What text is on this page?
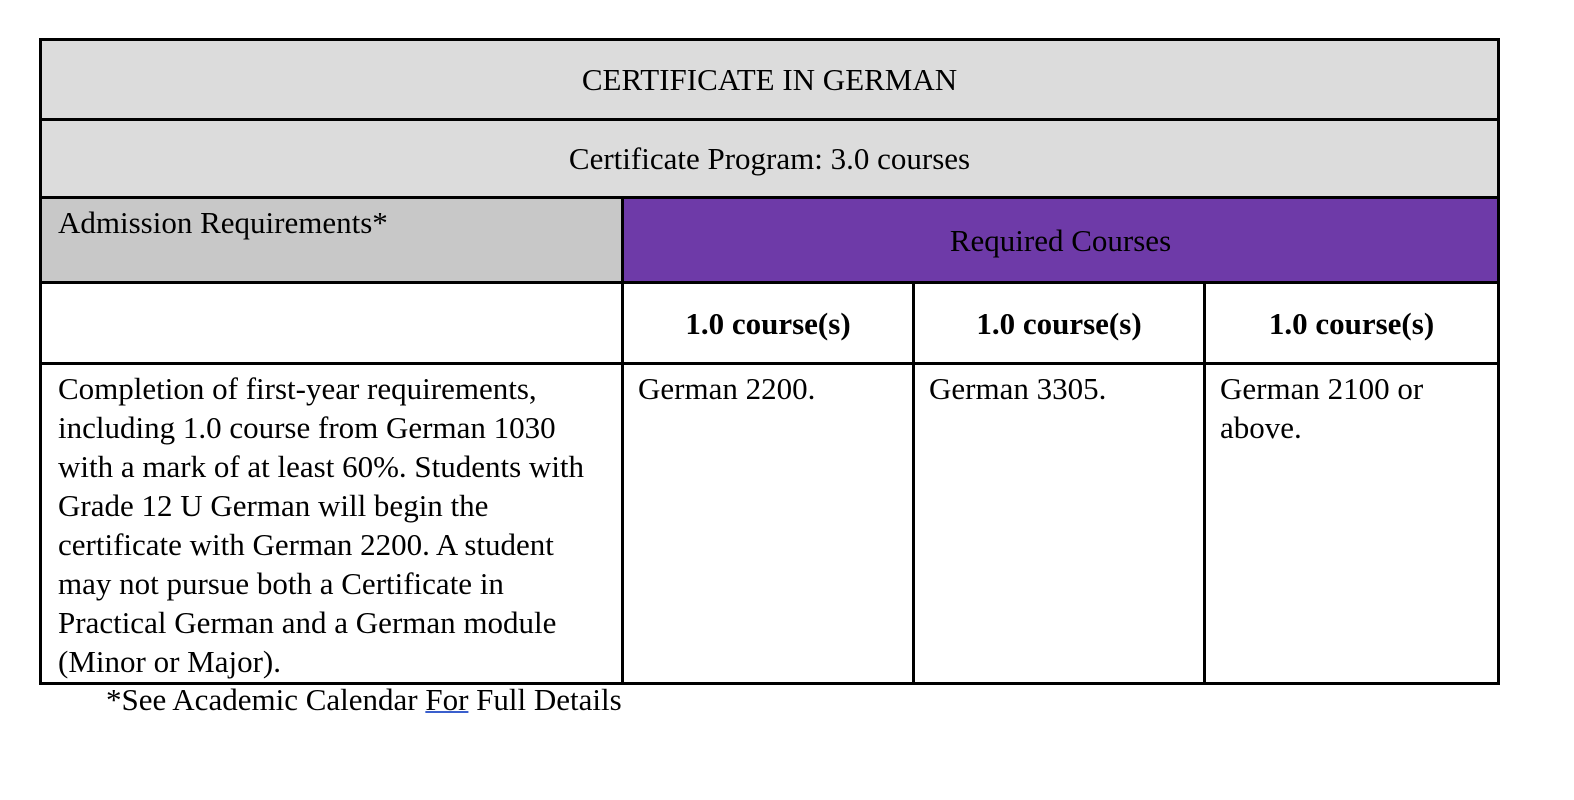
CERTIFICATE IN GERMAN			
Certificate Program: 3.0 courses			
Admission Requirements*	Required Courses		
	1.0 course(s)	1.0 course(s)	1.0 course(s)
Completion of first-year requirements, including 1.0 course from German 1030 with a mark of at least 60%. Students with Grade 12 U German will begin the certificate with German 2200. A student may not pursue both a Certificate in Practical German and a German module (Minor or Major).	German 2200.	German 3305.	German 2100 or above.
*See Academic Calendar For Full Details
